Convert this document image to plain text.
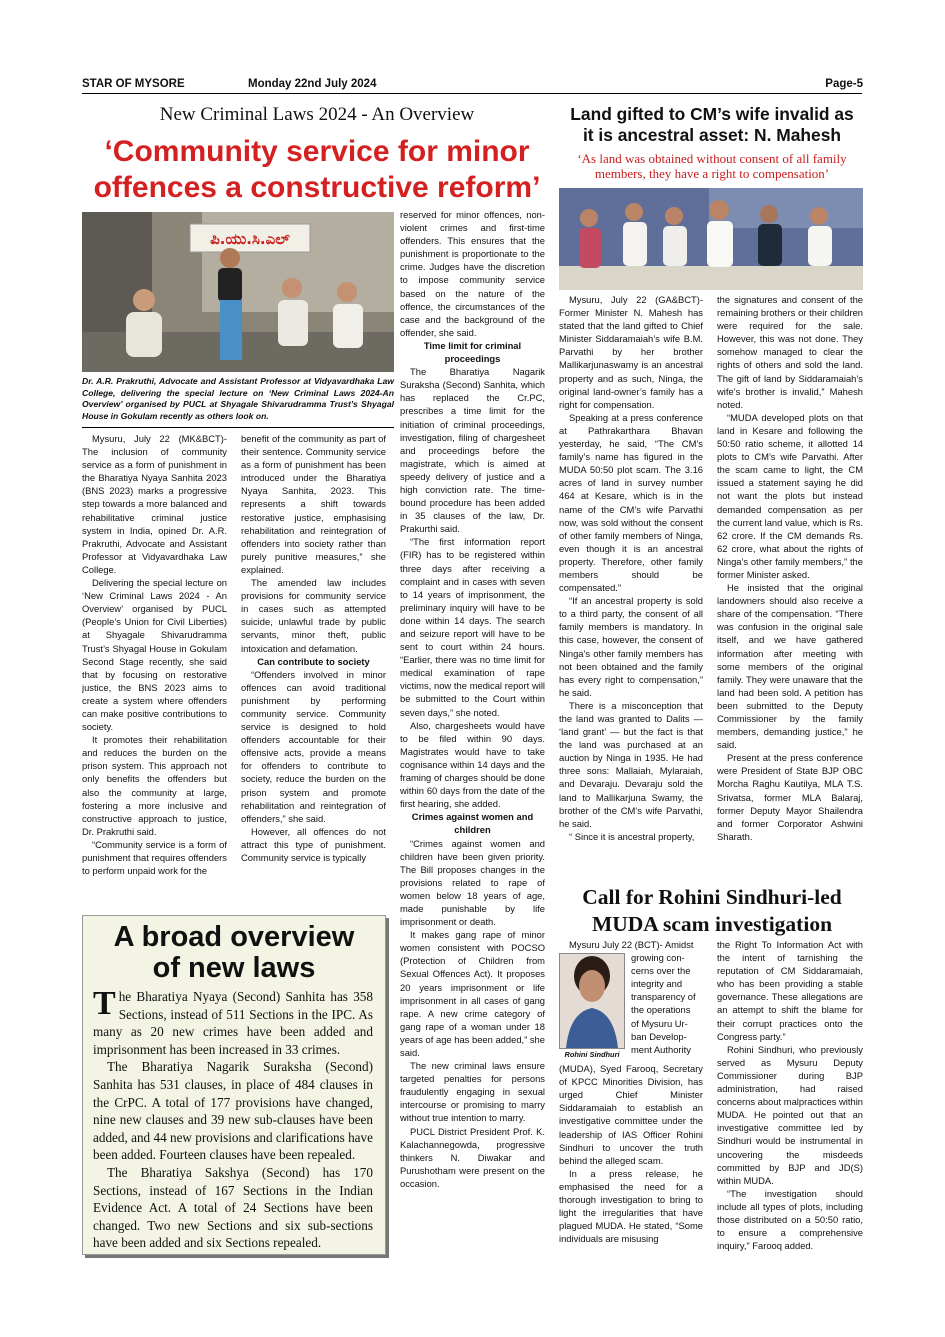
STAR OF MYSORE	Monday 22nd July 2024	Page-5
New Criminal Laws 2024 - An Overview
‘Community service for minor
offences a constructive reform’
ಪಿ.ಯು.ಸಿ.ಎಲ್
Dr. A.R. Prakruthi, Advocate and Assistant Professor at Vidyavardhaka Law College, delivering the special lecture on ‘New Criminal Laws 2024-An Overview’ organised by PUCL at Shyagale Shivarudramma Trust’s Shyagal House in Gokulam recently as others look on.

Mysuru, July 22 (MK&BCT)- The inclusion of community service as a form of punishment in the Bharatiya Nyaya Sanhita 2023 (BNS 2023) marks a progressive step towards a more balanced and rehabilitative criminal justice system in India, opined Dr. A.R. Prakruthi, Advocate and Assistant Professor at Vidyavardhaka Law College.

Delivering the special lecture on ‘New Criminal Laws 2024 - An Overview’ organised by PUCL (People’s Union for Civil Liberties) at Shyagale Shivarudramma Trust’s Shyagal House in Gokulam Second Stage recently, she said that by focusing on restorative justice, the BNS 2023 aims to create a system where offenders can make positive contributions to society.

It promotes their rehabilitation and reduces the burden on the prison system. This approach not only benefits the offenders but also the community at large, fostering a more inclusive and constructive approach to justice, Dr. Prakruthi said.

“Community service is a form of punishment that requires offenders to perform unpaid work for the

benefit of the community as part of their sentence. Community service as a form of punishment has been introduced under the Bharatiya Nyaya Sanhita, 2023. This represents a shift towards restorative justice, emphasising rehabilitation and reintegration of offenders into society rather than purely punitive measures,” she explained.

The amended law includes provisions for community service in cases such as attempted suicide, unlawful trade by public servants, minor theft, public intoxication and defamation.

Can contribute to society

“Offenders involved in minor offences can avoid traditional punishment by performing community service. Community service is designed to hold offenders accountable for their offensive acts, provide a means for offenders to contribute to society, reduce the burden on the prison system and promote rehabilitation and reintegration of offenders,” she said.

However, all offences do not attract this type of punishment. Community service is typically

reserved for minor offences, non-violent crimes and first-time offenders. This ensures that the punishment is proportionate to the crime. Judges have the discretion to impose community service based on the nature of the offence, the circumstances of the case and the background of the offender, she said.

Time limit for criminal proceedings

The Bharatiya Nagarik Suraksha (Second) Sanhita, which has replaced the Cr.PC, prescribes a time limit for the initiation of criminal proceedings, investigation, filing of chargesheet and proceedings before the magistrate, which is aimed at speedy delivery of justice and a high conviction rate. The time-bound procedure has been added in 35 clauses of the law, Dr. Prakurthi said.

“The first information report (FIR) has to be registered within three days after receiving a complaint and in cases with seven to 14 years of imprisonment, the preliminary inquiry will have to be done within 14 days. The search and seizure report will have to be sent to court within 24 hours. “Earlier, there was no time limit for medical examination of rape victims, now the medical report will be submitted to the Court within seven days,” she noted.

Also, chargesheets would have to be filed within 90 days. Magistrates would have to take cognisance within 14 days and the framing of charges should be done within 60 days from the date of the first hearing, she added.

Crimes against women and children

“Crimes against women and children have been given priority. The Bill proposes changes in the provisions related to rape of women below 18 years of age, made punishable by life imprisonment or death.

It makes gang rape of minor women consistent with POCSO (Protection of Children from Sexual Offences Act). It proposes 20 years imprisonment or life imprisonment in all cases of gang rape. A new crime category of gang rape of a woman under 18 years of age has been added,” she said.

The new criminal laws ensure targeted penalties for persons fraudulently engaging in sexual intercourse or promising to marry without true intention to marry.

PUCL District President Prof. K. Kalachannegowda, progressive thinkers N. Diwakar and Purushotham were present on the occasion.

A broad overview
of new laws

The Bharatiya Nyaya (Second) Sanhita has 358 Sections, instead of 511 Sections in the IPC. As many as 20 new crimes have been added and imprisonment has been increased in 33 crimes.

The Bharatiya Nagarik Suraksha (Second) Sanhita has 531 clauses, in place of 484 clauses in the CrPC. A total of 177 provisions have changed, nine new clauses and 39 new sub-clauses have been added, and 44 new provisions and clarifications have been added. Fourteen clauses have been repealed.

The Bharatiya Sakshya (Second) has 170 Sections, instead of 167 Sections in the Indian Evidence Act. A total of 24 Sections have been changed. Two new Sections and six sub-sections have been added and six Sections repealed.

Land gifted to CM’s wife invalid as
it is ancestral asset: N. Mahesh
‘As land was obtained without consent of all family
members, they have a right to compensation’

Mysuru, July 22 (GA&BCT)- Former Minister N. Mahesh has stated that the land gifted to Chief Minister Siddaramaiah’s wife B.M. Parvathi by her brother Mallikarjunaswamy is an ancestral property and as such, Ninga, the original land-owner’s family has a right for compensation.

Speaking at a press conference at Pathrakarthara Bhavan yesterday, he said, “The CM’s family’s name has figured in the MUDA 50:50 plot scam. The 3.16 acres of land in survey number 464 at Kesare, which is in the name of the CM’s wife Parvathi now, was sold without the consent of other family members of Ninga, even though it is an ancestral property. Therefore, other family members should be compensated.”

“If an ancestral property is sold to a third party, the consent of all family members is mandatory. In this case, however, the consent of Ninga’s other family members has not been obtained and the family has every right to compensation,” he said.

There is a misconception that the land was granted to Dalits — ‘land grant’ — but the fact is that the land was purchased at an auction by Ninga in 1935. He had three sons: Mallaiah, Mylaraiah, and Devaraju. Devaraju sold the land to Mallikarjuna Swamy, the brother of the CM’s wife Parvathi, he said.

“ Since it is ancestral property,

the signatures and consent of the remaining brothers or their children were required for the sale. However, this was not done. They somehow managed to clear the rights of others and sold the land. The gift of land by Siddaramaiah’s wife’s brother is invalid,” Mahesh noted.

“MUDA developed plots on that land in Kesare and following the 50:50 ratio scheme, it allotted 14 plots to CM’s wife Parvathi. After the scam came to light, the CM issued a statement saying he did not want the plots but instead demanded compensation as per the current land value, which is Rs. 62 crore. If the CM demands Rs. 62 crore, what about the rights of Ninga’s other family members,” the former Minister asked.

He insisted that the original landowners should also receive a share of the compensation. “There was confusion in the original sale itself, and we have gathered information after meeting with some members of the original family. They were unaware that the land had been sold. A petition has been submitted to the Deputy Commissioner by the family members, demanding justice,” he said.

Present at the press conference were President of State BJP OBC Morcha Raghu Kautilya, MLA T.S. Srivatsa, former MLA Balaraj, former Deputy Mayor Shailendra and former Corporator Ashwini Sharath.

Call for Rohini Sindhuri-led
MUDA scam investigation

Mysuru July 22 (BCT)- Amidst

Rohini Sindhuri
growing con-
cerns over the
integrity and
transparency of
the operations
of Mysuru Ur-
ban Develop-
ment Authority

(MUDA), Syed Farooq, Secretary of KPCC Minorities Division, has urged Chief Minister Siddaramaiah to establish an investigative committee under the leadership of IAS Officer Rohini Sindhuri to uncover the truth behind the alleged scam.

In a press release, he emphasised the need for a thorough investigation to bring to light the irregularities that have plagued MUDA. He stated, “Some individuals are misusing

the Right To Information Act with the intent of tarnishing the reputation of CM Siddaramaiah, who has been providing a stable governance. These allegations are an attempt to shift the blame for their corrupt practices onto the Congress party.”

Rohini Sindhuri, who previously served as Mysuru Deputy Commissioner during BJP administration, had raised concerns about malpractices within MUDA. He pointed out that an investigative committee led by Sindhuri would be instrumental in uncovering the misdeeds committed by BJP and JD(S) within MUDA.

“The investigation should include all types of plots, including those distributed on a 50:50 ratio, to ensure a comprehensive inquiry,” Farooq added.
